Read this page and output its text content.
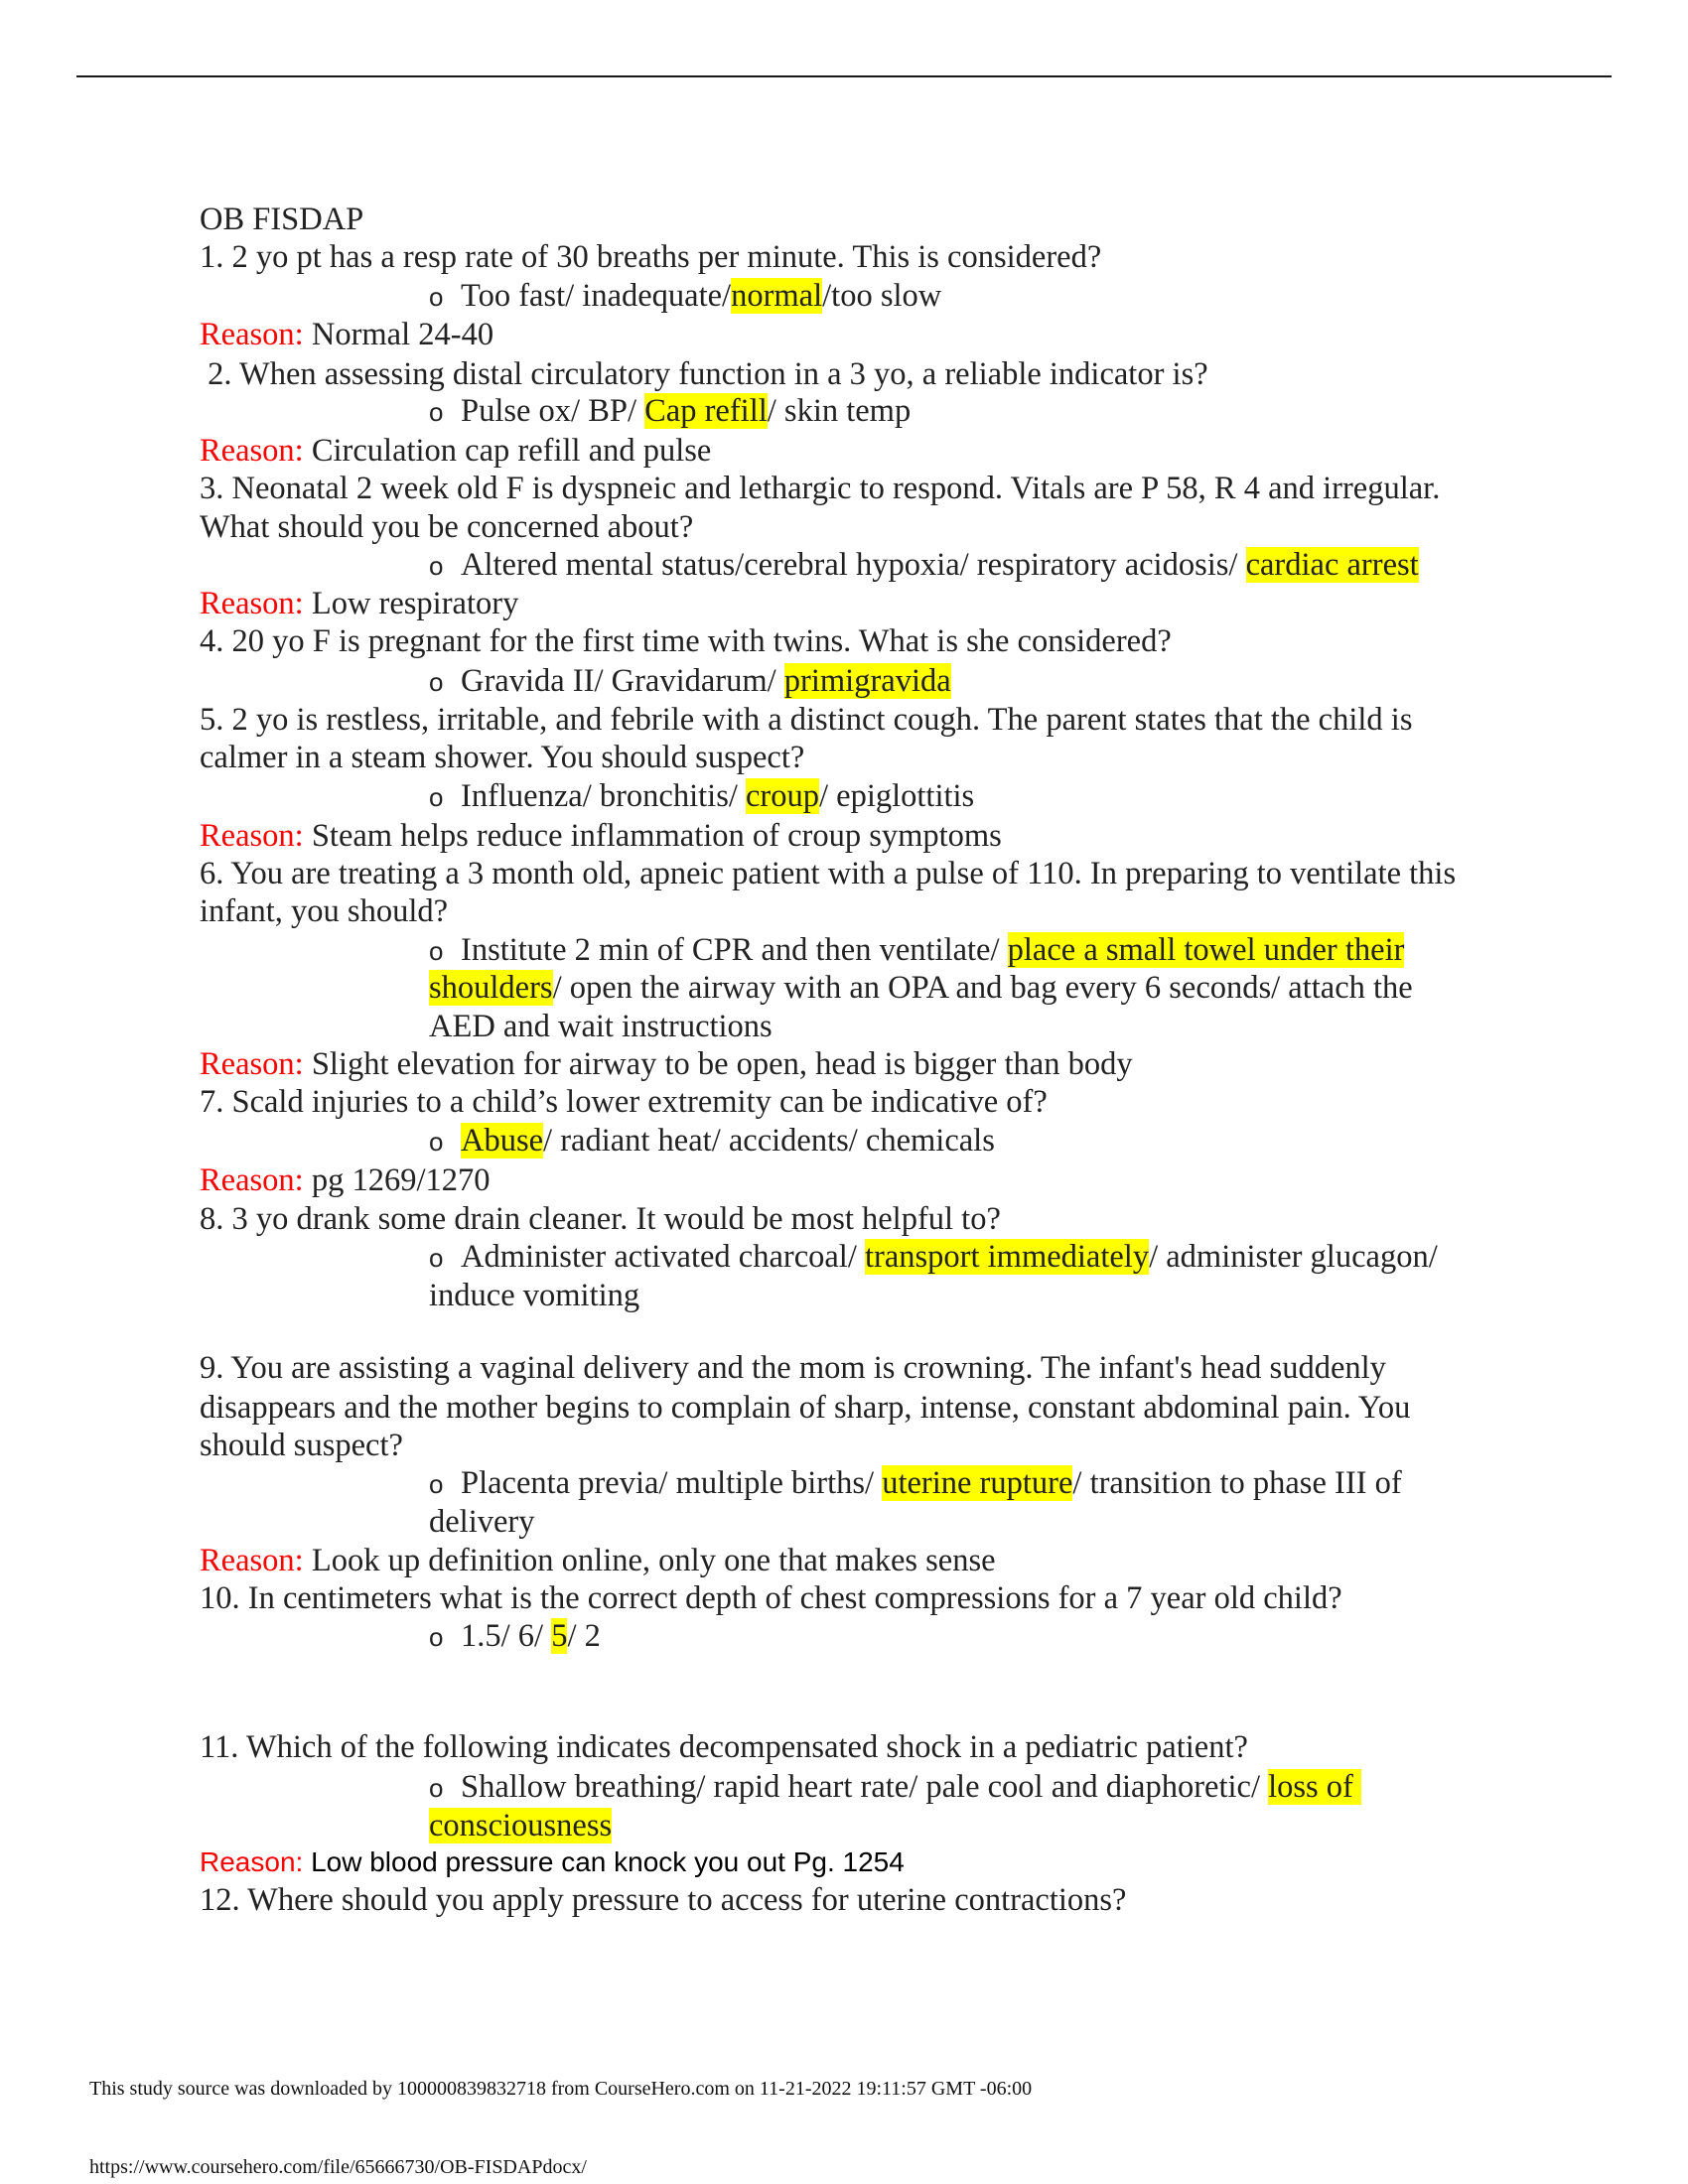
OB FISDAP
1. 2 yo pt has a resp rate of 30 breaths per minute. This is considered?
o Too fast/ inadequate/normal/too slow
Reason: Normal 24-40
2. When assessing distal circulatory function in a 3 yo, a reliable indicator is?
o Pulse ox/ BP/ Cap refill/ skin temp
Reason: Circulation cap refill and pulse
3. Neonatal 2 week old F is dyspneic and lethargic to respond. Vitals are P 58, R 4 and irregular.
What should you be concerned about?
o Altered mental status/cerebral hypoxia/ respiratory acidosis/ cardiac arrest
Reason: Low respiratory
4. 20 yo F is pregnant for the first time with twins. What is she considered?
o Gravida II/ Gravidarum/ primigravida
5. 2 yo is restless, irritable, and febrile with a distinct cough. The parent states that the child is
calmer in a steam shower. You should suspect?
o Influenza/ bronchitis/ croup/ epiglottitis
Reason: Steam helps reduce inflammation of croup symptoms
6. You are treating a 3 month old, apneic patient with a pulse of 110. In preparing to ventilate this
infant, you should?
o Institute 2 min of CPR and then ventilate/ place a small towel under their
shoulders/ open the airway with an OPA and bag every 6 seconds/ attach the
AED and wait instructions
Reason: Slight elevation for airway to be open, head is bigger than body
7. Scald injuries to a child’s lower extremity can be indicative of?
o Abuse/ radiant heat/ accidents/ chemicals
Reason: pg 1269/1270
8. 3 yo drank some drain cleaner. It would be most helpful to?
o Administer activated charcoal/ transport immediately/ administer glucagon/
induce vomiting
9. You are assisting a vaginal delivery and the mom is crowning. The infant's head suddenly
disappears and the mother begins to complain of sharp, intense, constant abdominal pain. You
should suspect?
o Placenta previa/ multiple births/ uterine rupture/ transition to phase III of
delivery
Reason: Look up definition online, only one that makes sense
10. In centimeters what is the correct depth of chest compressions for a 7 year old child?
o 1.5/ 6/ 5/ 2
11. Which of the following indicates decompensated shock in a pediatric patient?
o Shallow breathing/ rapid heart rate/ pale cool and diaphoretic/ loss of
consciousness
Reason: Low blood pressure can knock you out Pg. 1254
12. Where should you apply pressure to access for uterine contractions?
This study source was downloaded by 100000839832718 from CourseHero.com on 11-21-2022 19:11:57 GMT -06:00
https://www.coursehero.com/file/65666730/OB-FISDAPdocx/
